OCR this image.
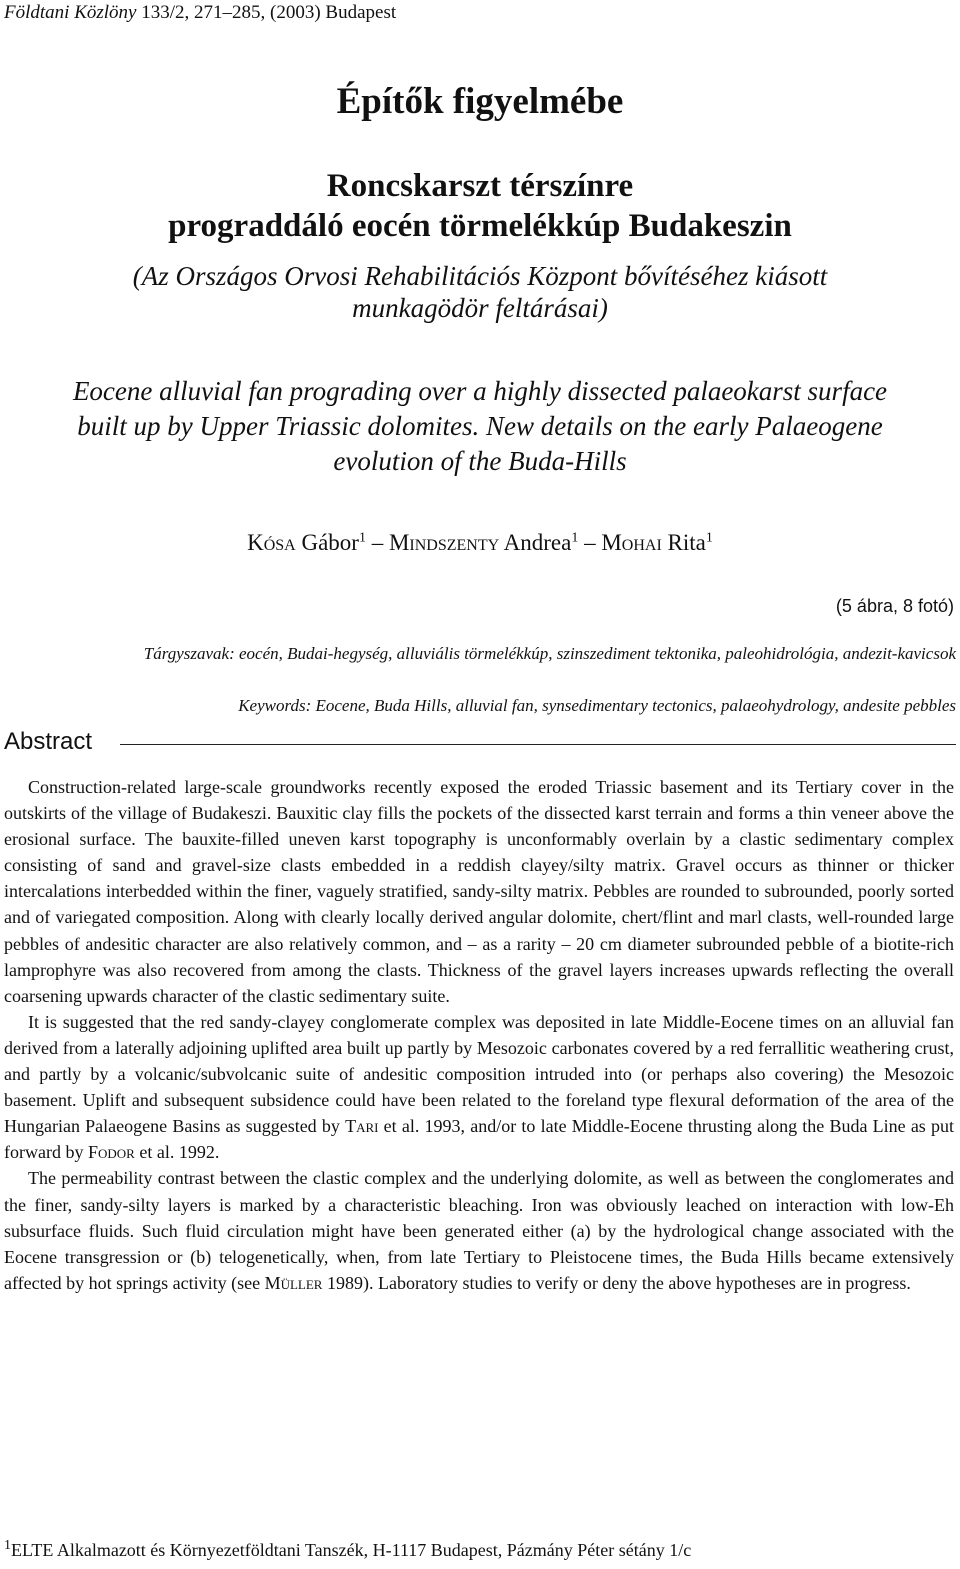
Földtani Közlöny 133/2, 271–285, (2003) Budapest
Építők figyelmébe
Roncskarszt térszínre
prograddáló eocén törmelékkúp Budakeszin
(Az Országos Orvosi Rehabilitációs Központ bővítéséhez kiásott
munkagödör feltárásai)
Eocene alluvial fan prograding over a highly dissected palaeokarst surface
built up by Upper Triassic dolomites. New details on the early Palaeogene
evolution of the Buda-Hills
Kósa Gábor$^1$ – Mindszenty Andrea$^1$ – Mohai Rita$^1$
(5 ábra, 8 fotó)
Tárgyszavak: eocén, Budai-hegység, alluviális törmelékkúp, szinszediment tektonika, paleohidrológia, andezit-kavicsok
Keywords: Eocene, Buda Hills, alluvial fan, synsedimentary tectonics, palaeohydrology, andesite pebbles
Abstract

Construction-related large-scale groundworks recently exposed the eroded Triassic basement and its Tertiary cover in the outskirts of the village of Budakeszi. Bauxitic clay fills the pockets of the dissected karst terrain and forms a thin veneer above the erosional surface. The bauxite-filled uneven karst topography is unconformably overlain by a clastic sedimentary complex consisting of sand and gravel-size clasts embedded in a reddish clayey/silty matrix. Gravel occurs as thinner or thicker intercalations interbedded within the finer, vaguely stratified, sandy-silty matrix. Pebbles are rounded to subrounded, poorly sorted and of variegated composition. Along with clearly locally derived angular dolomite, chert/flint and marl clasts, well-rounded large pebbles of andesitic character are also relatively common, and – as a rarity – 20 cm diameter subrounded pebble of a biotite-rich lamprophyre was also recovered from among the clasts. Thickness of the gravel layers increases upwards reflecting the overall coarsening upwards character of the clastic sedimentary suite.

It is suggested that the red sandy-clayey conglomerate complex was deposited in late Middle-Eocene times on an alluvial fan derived from a laterally adjoining uplifted area built up partly by Mesozoic carbonates covered by a red ferrallitic weathering crust, and partly by a volcanic/subvolcanic suite of andesitic composition intruded into (or perhaps also covering) the Mesozoic basement. Uplift and subsequent subsidence could have been related to the foreland type flexural deformation of the area of the Hungarian Palaeogene Basins as suggested by Tari et al. 1993, and/or to late Middle-Eocene thrusting along the Buda Line as put forward by Fodor et al. 1992.

The permeability contrast between the clastic complex and the underlying dolomite, as well as between the conglomerates and the finer, sandy-silty layers is marked by a characteristic bleaching. Iron was obviously leached on interaction with low-Eh subsurface fluids. Such fluid circulation might have been generated either (a) by the hydrological change associated with the Eocene transgression or (b) telogenetically, when, from late Tertiary to Pleistocene times, the Buda Hills became extensively affected by hot springs activity (see Müller 1989). Laboratory studies to verify or deny the above hypotheses are in progress.

$^1$ELTE Alkalmazott és Környezetföldtani Tanszék, H-1117 Budapest, Pázmány Péter sétány 1/c
